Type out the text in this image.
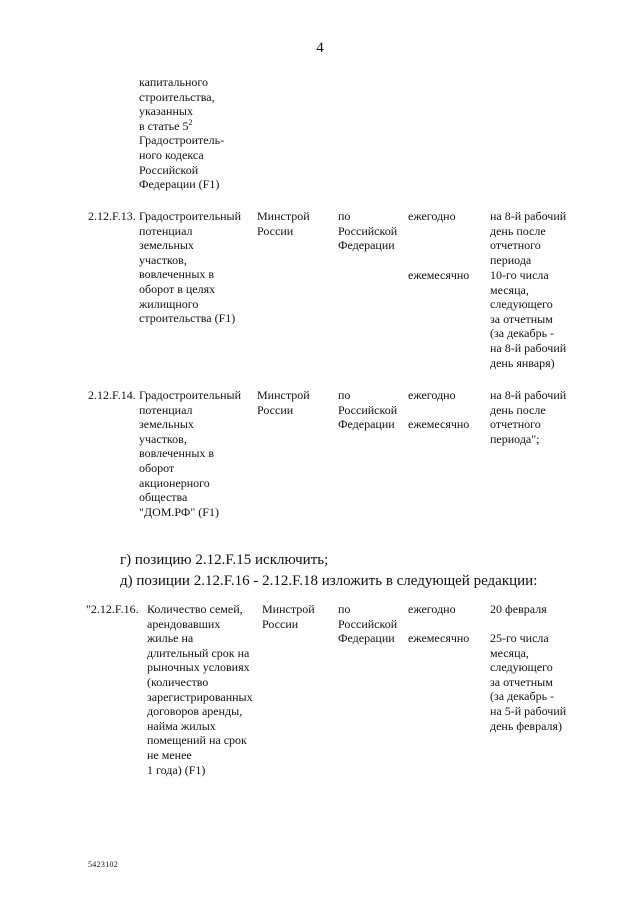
4
капитального
строительства,
указанных
в статье $5^2$
Градостроитель-
ного кодекса
Российской
Федерации (F1)
2.12.F.13. Градостроительный
потенциал
земельных
участков,
вовлеченных в
оборот в целях
жилищного
строительства (F1)
Минстрой
России
по
Российской
Федерации
ежегодно
ежемесячно
на 8-й рабочий
день после
отчетного
периода
10-го числа
месяца,
следующего
за отчетным
(за декабрь -
на 8-й рабочий
день января)
2.12.F.14. Градостроительный
потенциал
земельных
участков,
вовлеченных в
оборот
акционерного
общества
"ДОМ.РФ" (F1)
Минстрой
России
по
Российской
Федерации
ежегодно

ежемесячно
на 8-й рабочий
день после
отчетного
периода";
г) позицию 2.12.F.15 исключить;
д) позиции 2.12.F.16 - 2.12.F.18 изложить в следующей редакции:
"2.12.F.16. Количество семей,
арендовавших
жилье на
длительный срок на
рыночных условиях
(количество
зарегистрированных
договоров аренды,
найма жилых
помещений на срок
не менее
1 года) (F1)
Минстрой
России
по
Российской
Федерации
ежегодно

ежемесячно
20 февраля
25-го числа
месяца,
следующего
за отчетным
(за декабрь -
на 5-й рабочий
день февраля)
5423102
